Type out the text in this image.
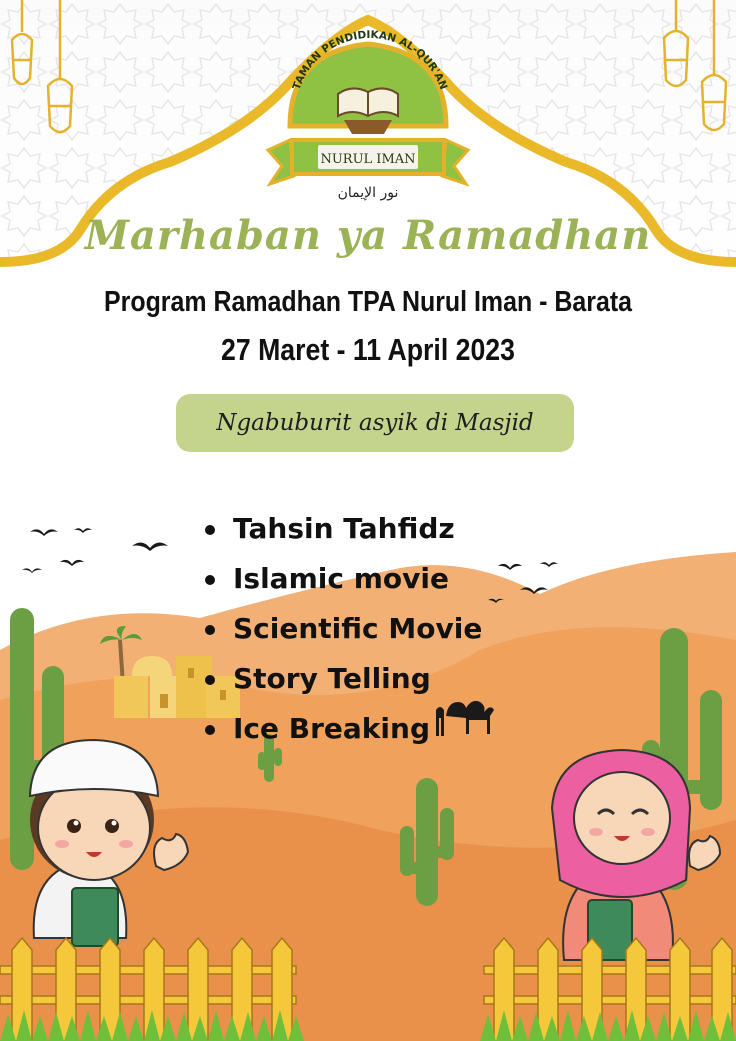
TAMAN PENDIDIKAN AL-QUR'AN
NURUL IMAN
نور الإيمان
Marhaban ya Ramadhan
Program Ramadhan TPA Nurul Iman - Barata
27 Maret - 11 April 2023
Ngabuburit asyik di Masjid
Tahsin Tahfidz
Islamic movie
Scientific Movie
Story Telling
Ice Breaking
